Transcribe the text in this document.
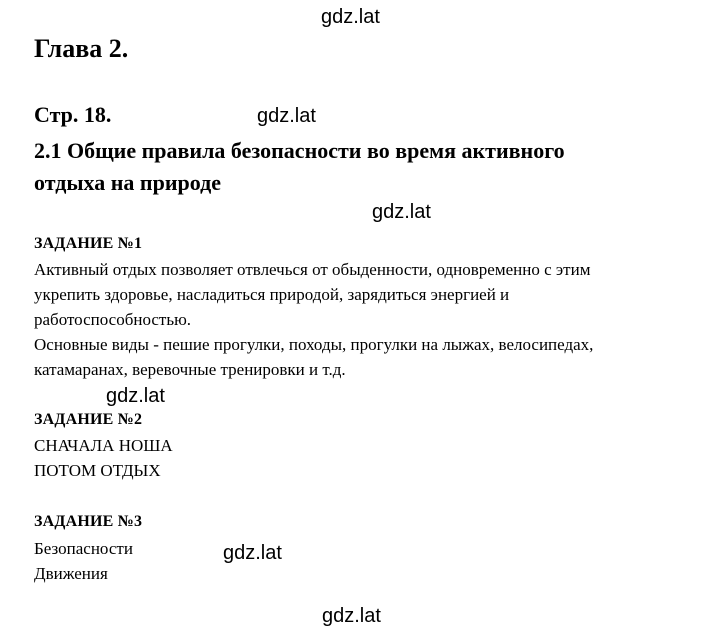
gdz.lat
gdz.lat
gdz.lat
gdz.lat
gdz.lat
gdz.lat
Глава 2.
Стр. 18.
2.1 Общие правила безопасности во время активного
отдыха на природе
ЗАДАНИЕ №1
Активный отдых позволяет отвлечься от обыденности, одновременно с этим
укрепить здоровье, насладиться природой, зарядиться энергией и
работоспособностью.
Основные виды - пешие прогулки, походы, прогулки на лыжах, велосипедах,
катамаранах, веревочные тренировки и т.д.
ЗАДАНИЕ №2
СНАЧАЛА НОША
ПОТОМ ОТДЫХ
ЗАДАНИЕ №3
Безопасности
Движения
